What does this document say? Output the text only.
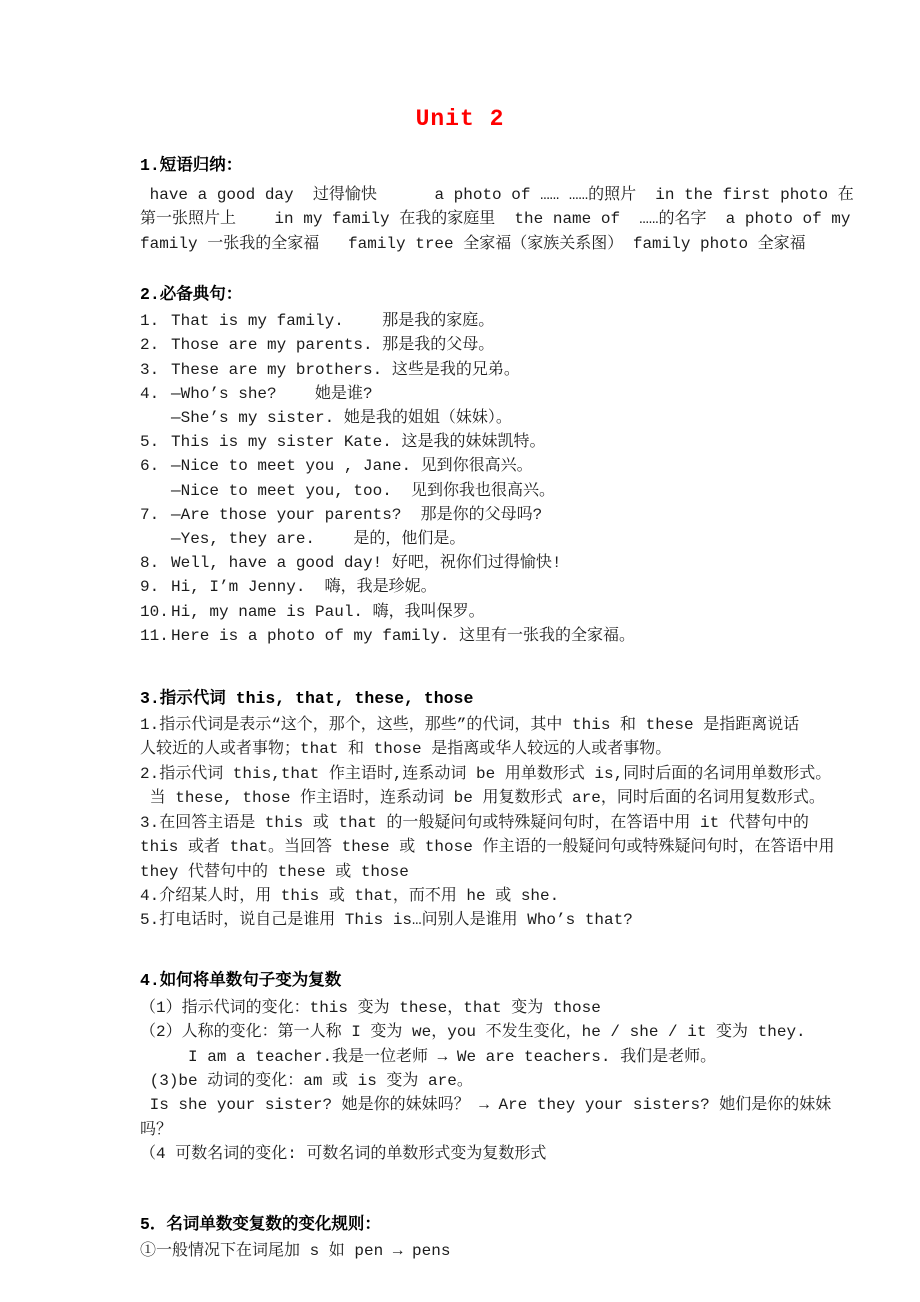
Unit 2
1.短语归纳：
have a good day  过得愉快      a photo of …… ……的照片  in the first photo 在
第一张照片上    in my family 在我的家庭里  the name of  ……的名字  a photo of my
family 一张我的全家福   family tree 全家福（家族关系图） family photo 全家福
2.必备典句：
1. That is my family.    那是我的家庭。
2. Those are my parents. 那是我的父母。
3. These are my brothers. 这些是我的兄弟。
4. —Who’s she?    她是谁?
—She’s my sister. 她是我的姐姐（妹妹）。
5. This is my sister Kate. 这是我的妹妹凯特。
6. —Nice to meet you , Jane. 见到你很高兴。
—Nice to meet you, too.  见到你我也很高兴。
7. —Are those your parents?  那是你的父母吗?
—Yes, they are.    是的，他们是。
8. Well, have a good day! 好吧，祝你们过得愉快!
9. Hi, I’m Jenny.  嗨，我是珍妮。
10. Hi, my name is Paul. 嗨，我叫保罗。
11. Here is a photo of my family. 这里有一张我的全家福。
3.指示代词 this, that, these, those
1.指示代词是表示“这个，那个，这些，那些”的代词，其中 this 和 these 是指距离说话
人较近的人或者事物；that 和 those 是指离或华人较远的人或者事物。
2.指示代词 this,that 作主语时,连系动词 be 用单数形式 is,同时后面的名词用单数形式。
当 these, those 作主语时，连系动词 be 用复数形式 are，同时后面的名词用复数形式。
3.在回答主语是 this 或 that 的一般疑问句或特殊疑问句时，在答语中用 it 代替句中的
this 或者 that。当回答 these 或 those 作主语的一般疑问句或特殊疑问句时，在答语中用
they 代替句中的 these 或 those
4.介绍某人时，用 this 或 that，而不用 he 或 she.
5.打电话时，说自己是谁用 This is…问别人是谁用 Who’s that?
4.如何将单数句子变为复数
（1）指示代词的变化：this 变为 these，that 变为 those
（2）人称的变化：第一人称 I 变为 we，you 不发生变化，he / she / it 变为 they.
I am a teacher.我是一位老师 → We are teachers. 我们是老师。
(3)be 动词的变化：am 或 is 变为 are。
Is she your sister? 她是你的妹妹吗？ → Are they your sisters? 她们是你的妹妹吗？
（4 可数名词的变化: 可数名词的单数形式变为复数形式
5．名词单数变复数的变化规则：
①一般情况下在词尾加 s 如 pen → pens
